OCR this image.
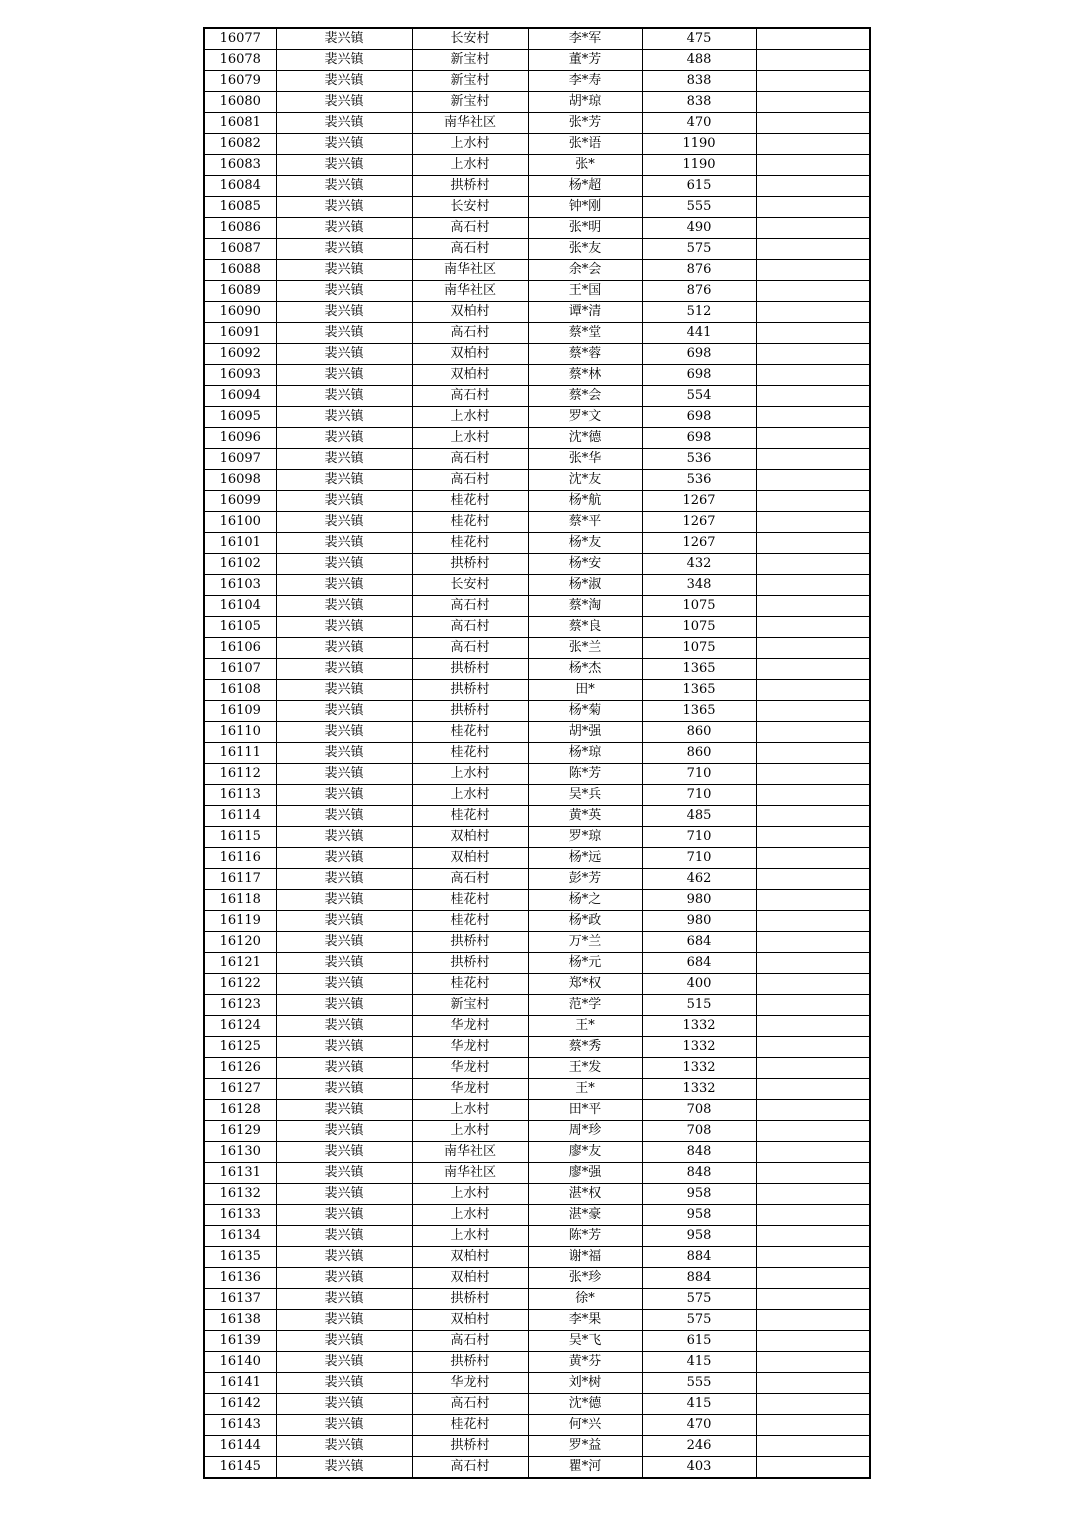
16077	裴兴镇	长安村	李*军	475	
16078	裴兴镇	新宝村	董*芳	488	
16079	裴兴镇	新宝村	李*寿	838	
16080	裴兴镇	新宝村	胡*琼	838	
16081	裴兴镇	南华社区	张*芳	470	
16082	裴兴镇	上水村	张*语	1190	
16083	裴兴镇	上水村	张*	1190	
16084	裴兴镇	拱桥村	杨*超	615	
16085	裴兴镇	长安村	钟*刚	555	
16086	裴兴镇	高石村	张*明	490	
16087	裴兴镇	高石村	张*友	575	
16088	裴兴镇	南华社区	余*会	876	
16089	裴兴镇	南华社区	王*国	876	
16090	裴兴镇	双柏村	谭*清	512	
16091	裴兴镇	高石村	蔡*堂	441	
16092	裴兴镇	双柏村	蔡*蓉	698	
16093	裴兴镇	双柏村	蔡*林	698	
16094	裴兴镇	高石村	蔡*会	554	
16095	裴兴镇	上水村	罗*文	698	
16096	裴兴镇	上水村	沈*德	698	
16097	裴兴镇	高石村	张*华	536	
16098	裴兴镇	高石村	沈*友	536	
16099	裴兴镇	桂花村	杨*航	1267	
16100	裴兴镇	桂花村	蔡*平	1267	
16101	裴兴镇	桂花村	杨*友	1267	
16102	裴兴镇	拱桥村	杨*安	432	
16103	裴兴镇	长安村	杨*淑	348	
16104	裴兴镇	高石村	蔡*淘	1075	
16105	裴兴镇	高石村	蔡*良	1075	
16106	裴兴镇	高石村	张*兰	1075	
16107	裴兴镇	拱桥村	杨*杰	1365	
16108	裴兴镇	拱桥村	田*	1365	
16109	裴兴镇	拱桥村	杨*菊	1365	
16110	裴兴镇	桂花村	胡*强	860	
16111	裴兴镇	桂花村	杨*琼	860	
16112	裴兴镇	上水村	陈*芳	710	
16113	裴兴镇	上水村	吴*兵	710	
16114	裴兴镇	桂花村	黄*英	485	
16115	裴兴镇	双柏村	罗*琼	710	
16116	裴兴镇	双柏村	杨*远	710	
16117	裴兴镇	高石村	彭*芳	462	
16118	裴兴镇	桂花村	杨*之	980	
16119	裴兴镇	桂花村	杨*政	980	
16120	裴兴镇	拱桥村	万*兰	684	
16121	裴兴镇	拱桥村	杨*元	684	
16122	裴兴镇	桂花村	郑*权	400	
16123	裴兴镇	新宝村	范*学	515	
16124	裴兴镇	华龙村	王*	1332	
16125	裴兴镇	华龙村	蔡*秀	1332	
16126	裴兴镇	华龙村	王*发	1332	
16127	裴兴镇	华龙村	王*	1332	
16128	裴兴镇	上水村	田*平	708	
16129	裴兴镇	上水村	周*珍	708	
16130	裴兴镇	南华社区	廖*友	848	
16131	裴兴镇	南华社区	廖*强	848	
16132	裴兴镇	上水村	湛*权	958	
16133	裴兴镇	上水村	湛*豪	958	
16134	裴兴镇	上水村	陈*芳	958	
16135	裴兴镇	双柏村	谢*福	884	
16136	裴兴镇	双柏村	张*珍	884	
16137	裴兴镇	拱桥村	徐*	575	
16138	裴兴镇	双柏村	李*果	575	
16139	裴兴镇	高石村	吴*飞	615	
16140	裴兴镇	拱桥村	黄*芬	415	
16141	裴兴镇	华龙村	刘*树	555	
16142	裴兴镇	高石村	沈*德	415	
16143	裴兴镇	桂花村	何*兴	470	
16144	裴兴镇	拱桥村	罗*益	246	
16145	裴兴镇	高石村	瞿*河	403	
